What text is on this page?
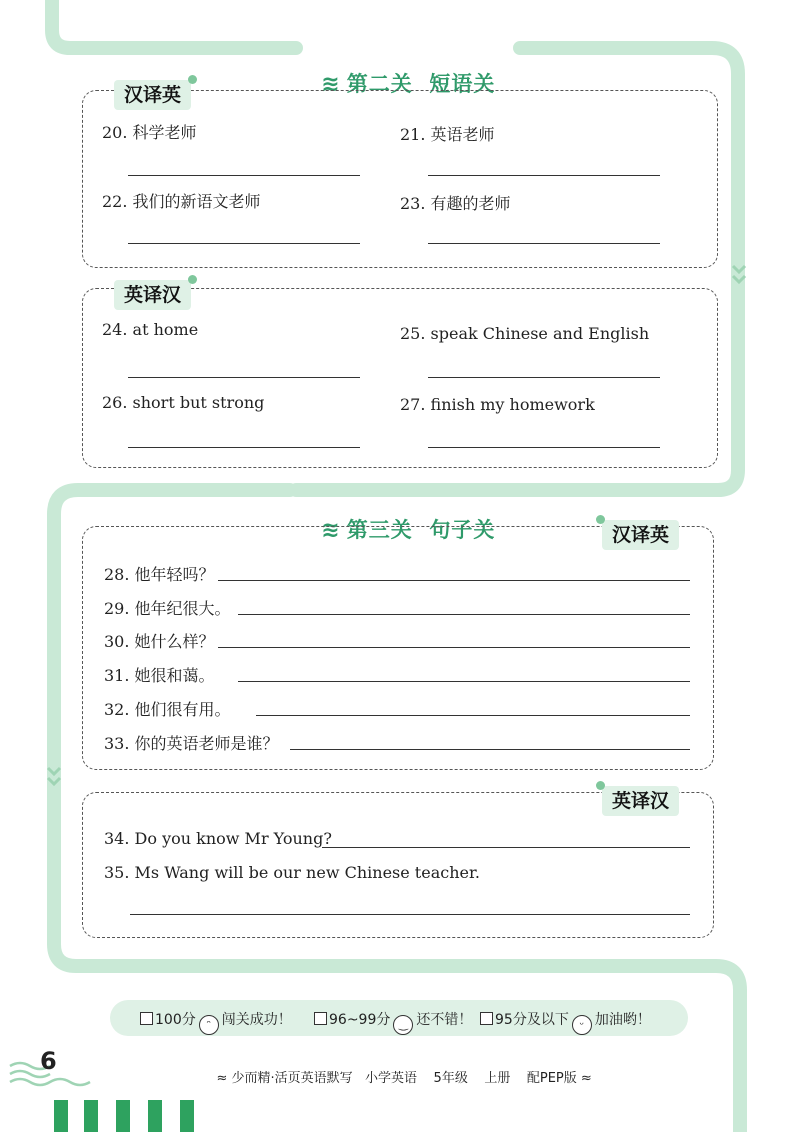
≋ 第二关  短语关

汉译英
20. 科学老师	21. 英语老师
22. 我们的新语文老师	23. 有趣的老师
英译汉
24. at home	25. speak Chinese and English
26. short but strong	27. finish my homework

≋ 第三关  句子关	汉译英
28. 他年轻吗？
29. 他年纪很大。
30. 她什么样？
31. 她很和蔼。
32. 他们很有用。
33. 你的英语老师是谁？
英译汉
34. Do you know Mr Young?
35. Ms Wang will be our new Chinese teacher.
100分 ᵔ 闯关成功！	96~99分 ‿ 还不错！	95分及以下 ᵕ 加油哟！
6

≈ 少而精·活页英语默写   小学英语    5年级    上册    配PEP版 ≈
